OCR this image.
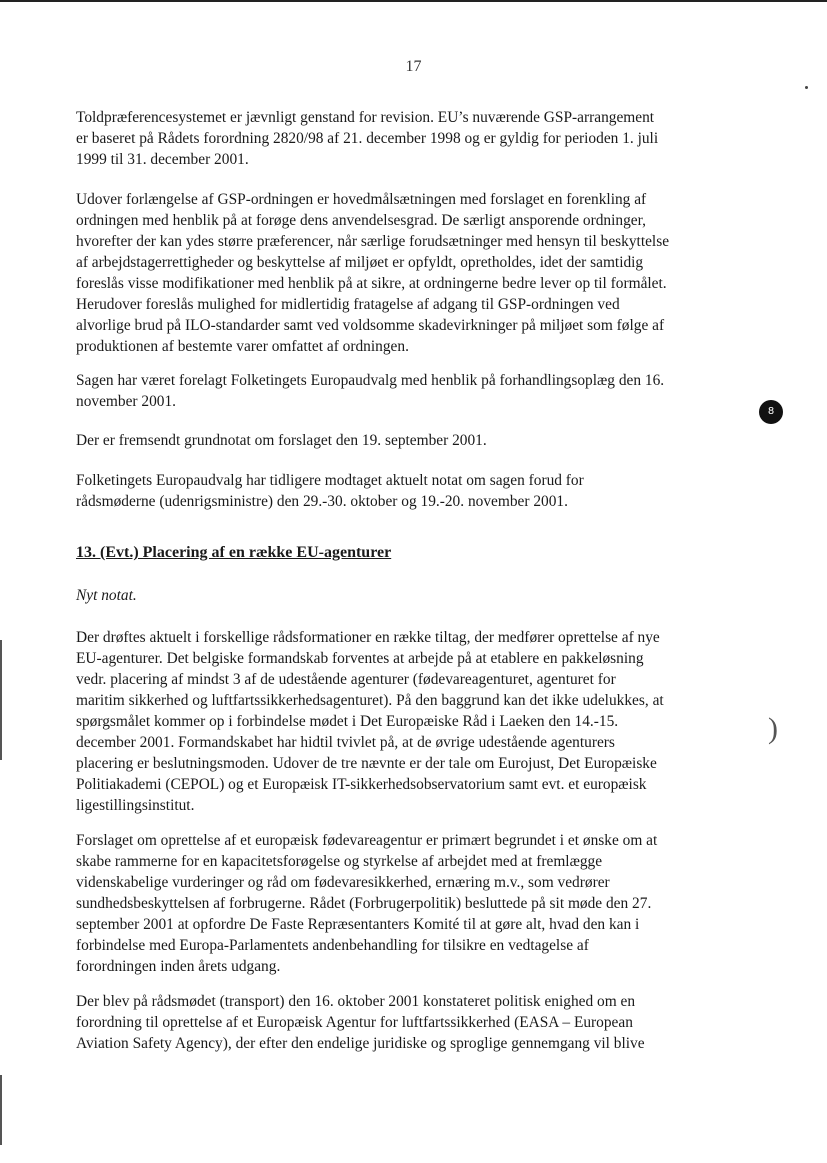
17

Toldpræferencesystemet er jævnligt genstand for revision. EU’s nuværende GSP-arrangement
er baseret på Rådets forordning 2820/98 af 21. december 1998 og er gyldig for perioden 1. juli
1999 til 31. december 2001.

Udover forlængelse af GSP-ordningen er hovedmålsætningen med forslaget en forenkling af
ordningen med henblik på at forøge dens anvendelsesgrad. De særligt ansporende ordninger,
hvorefter der kan ydes større præferencer, når særlige forudsætninger med hensyn til beskyttelse
af arbejdstagerrettigheder og beskyttelse af miljøet er opfyldt, opretholdes, idet der samtidig
foreslås visse modifikationer med henblik på at sikre, at ordningerne bedre lever op til formålet.
Herudover foreslås mulighed for midlertidig fratagelse af adgang til GSP-ordningen ved
alvorlige brud på ILO-standarder samt ved voldsomme skadevirkninger på miljøet som følge af
produktionen af bestemte varer omfattet af ordningen.

Sagen har været forelagt Folketingets Europaudvalg med henblik på forhandlingsoplæg den 16.
november 2001.

8

Der er fremsendt grundnotat om forslaget den 19. september 2001.

Folketingets Europaudvalg har tidligere modtaget aktuelt notat om sagen forud for
rådsmøderne (udenrigsministre) den 29.-30. oktober og 19.-20. november 2001.

13. (Evt.) Placering af en række EU-agenturer

Nyt notat.

Der drøftes aktuelt i forskellige rådsformationer en række tiltag, der medfører oprettelse af nye
EU-agenturer. Det belgiske formandskab forventes at arbejde på at etablere en pakkeløsning
vedr. placering af mindst 3 af de udestående agenturer (fødevareagenturet, agenturet for
maritim sikkerhed og luftfartssikkerhedsagenturet). På den baggrund kan det ikke udelukkes, at
spørgsmålet kommer op i forbindelse mødet i Det Europæiske Råd i Laeken den 14.-15.
december 2001. Formandskabet har hidtil tvivlet på, at de øvrige udestående agenturers
placering er beslutningsmoden. Udover de tre nævnte er der tale om Eurojust, Det Europæiske
Politiakademi (CEPOL) og et Europæisk IT-sikkerhedsobservatorium samt evt. et europæisk
ligestillingsinstitut.

)

Forslaget om oprettelse af et europæisk fødevareagentur er primært begrundet i et ønske om at
skabe rammerne for en kapacitetsforøgelse og styrkelse af arbejdet med at fremlægge
videnskabelige vurderinger og råd om fødevaresikkerhed, ernæring m.v., som vedrører
sundhedsbeskyttelsen af forbrugerne. Rådet (Forbrugerpolitik) besluttede på sit møde den 27.
september 2001 at opfordre De Faste Repræsentanters Komité til at gøre alt, hvad den kan i
forbindelse med Europa-Parlamentets andenbehandling for tilsikre en vedtagelse af
forordningen inden årets udgang.

Der blev på rådsmødet (transport) den 16. oktober 2001 konstateret politisk enighed om en
forordning til oprettelse af et Europæisk Agentur for luftfartssikkerhed (EASA – European
Aviation Safety Agency), der efter den endelige juridiske og sproglige gennemgang vil blive
